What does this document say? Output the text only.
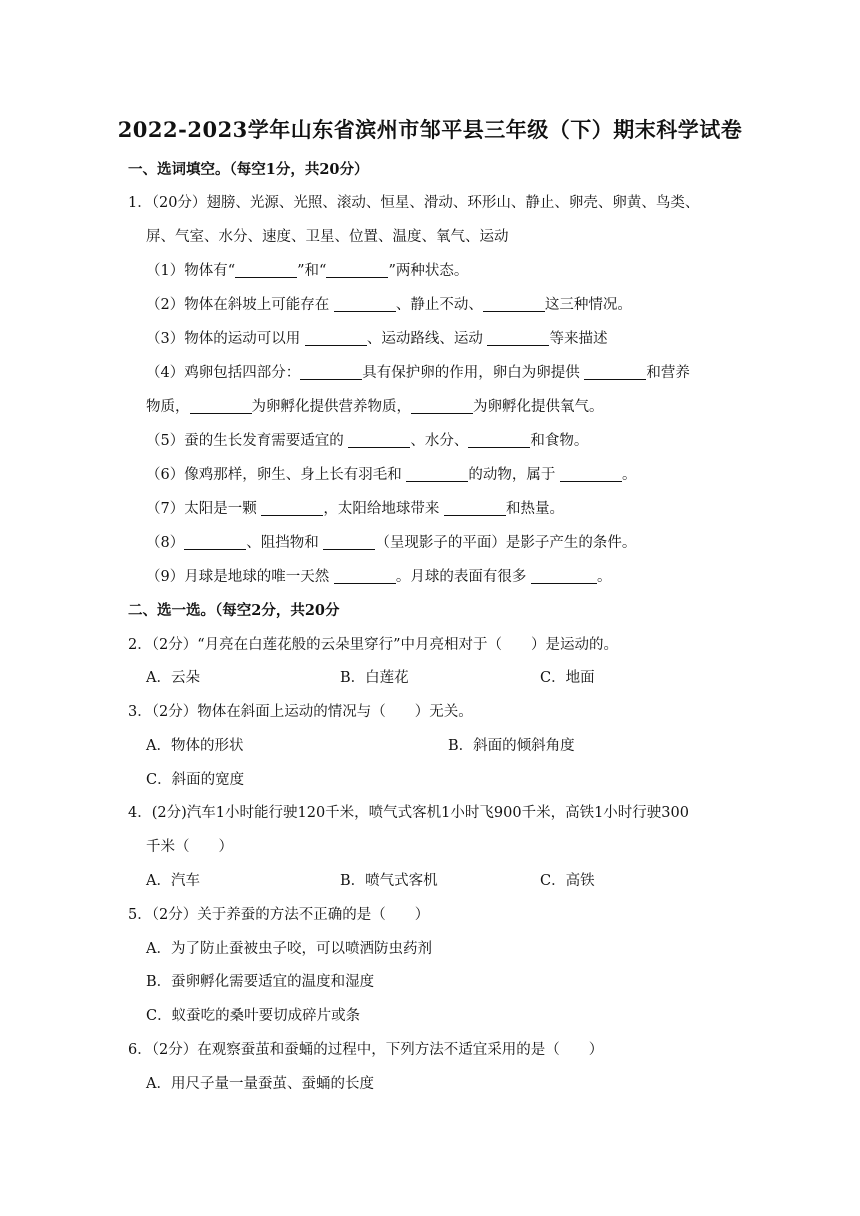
2022-2023学年山东省滨州市邹平县三年级（下）期末科学试卷
一、选词填空。（每空1分，共20分）
1．（20分）翅膀、光源、光照、滚动、恒星、滑动、环形山、静止、卵壳、卵黄、鸟类、
屏、气室、水分、速度、卫星、位置、温度、氧气、运动
（1）物体有“	”和“	”两种状态。
（2）物体在斜坡上可能存在	、静止不动、	这三种情况。
（3）物体的运动可以用	、运动路线、运动	等来描述
（4）鸡卵包括四部分：	具有保护卵的作用，卵白为卵提供	和营养
物质，	为卵孵化提供营养物质，	为卵孵化提供氧气。
（5）蚕的生长发育需要适宜的	、水分、	和食物。
（6）像鸡那样，卵生、身上长有羽毛和	的动物，属于	。
（7）太阳是一颗	，太阳给地球带来	和热量。
（8）	、阻挡物和	（呈现影子的平面）是影子产生的条件。
（9）月球是地球的唯一天然	。月球的表面有很多	。
二、选一选。（每空2分，共20分
2．（2分）“月亮在白莲花般的云朵里穿行”中月亮相对于（　　）是运动的。
A．云朵	B．白莲花	C．地面
3．（2分）物体在斜面上运动的情况与（　　）无关。
A．物体的形状	B．斜面的倾斜角度
C．斜面的宽度
4．(2分)汽车1小时能行驶120千米，喷气式客机1小时飞900千米，高铁1小时行驶300
千米（　　）
A．汽车	B．喷气式客机	C．高铁
5．（2分）关于养蚕的方法不正确的是（　　）
A．为了防止蚕被虫子咬，可以喷洒防虫药剂
B．蚕卵孵化需要适宜的温度和湿度
C．蚁蚕吃的桑叶要切成碎片或条
6．（2分）在观察蚕茧和蚕蛹的过程中，下列方法不适宜采用的是（　　）
A．用尺子量一量蚕茧、蚕蛹的长度
